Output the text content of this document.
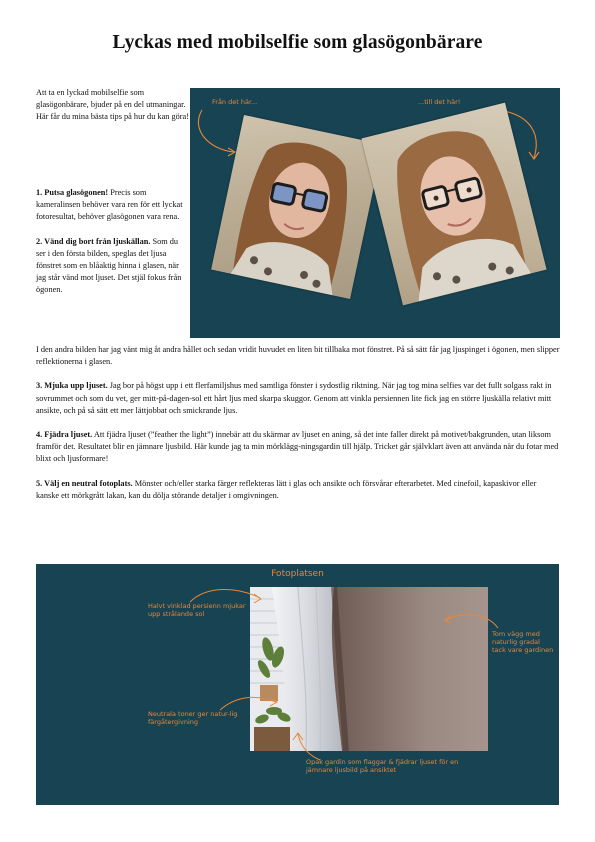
Lyckas med mobilselfie som glasögonbärare

Att ta en lyckad mobilselfie som glasögonbärare, bjuder på en del utmaningar.

Här får du mina bästa tips på hur du kan göra!

1. Putsa glasögonen! Precis som kameralinsen behöver vara ren för ett lyckat fotoresultat, behöver glasögonen vara rena.

2. Vänd dig bort från ljuskällan. Som du ser i den första bilden, speglas det ljusa fönstret som en blåaktig hinna i glasen, när jag står vänd mot ljuset. Det stjäl fokus från ögonen.

I den andra bilden har jag vänt mig åt andra hållet och sedan vridit huvudet en liten bit tillbaka mot fönstret. På så sätt får jag ljuspinget i ögonen, men slipper reflektionerna i glasen.

3. Mjuka upp ljuset. Jag bor på högst upp i ett flerfamiljshus med samtliga fönster i sydostlig riktning. När jag tog mina selfies var det fullt solgass rakt in sovrummet och som du vet, ger mitt-på-dagen-sol ett hårt ljus med skarpa skuggor. Genom att vinkla persiennen lite fick jag en större ljuskälla relativt mitt ansikte, och på så sätt ett mer lättjobbat och smickrande ljus.

4. Fjädra ljuset. Att fjädra ljuset (”feather the light”) innebär att du skärmar av ljuset en aning, så det inte faller direkt på motivet/bakgrunden, utan liksom framför det. Resultatet blir en jämnare ljusbild. Här kunde jag ta min mörklägg-ningsgardin till hjälp. Tricket går självklart även att använda när du fotar med blixt och ljusformare!

5. Välj en neutral fotoplats. Mönster och/eller starka färger reflekteras lätt i glas och ansikte och försvårar efterarbetet. Med cinefoil, kapaskivor eller kanske ett mörkgrått lakan, kan du dölja störande detaljer i omgivningen.

Från det här...	...till det här!
Fotoplatsen
Halvt vinklad persienn mjukar upp strålande sol
Tom vägg med naturlig gradal tack vare gardinen
Neutrala toner ger natur-lig färgåtergivning
Opak gardin som flaggar & fjädrar ljuset för en jämnare ljusbild på ansiktet
